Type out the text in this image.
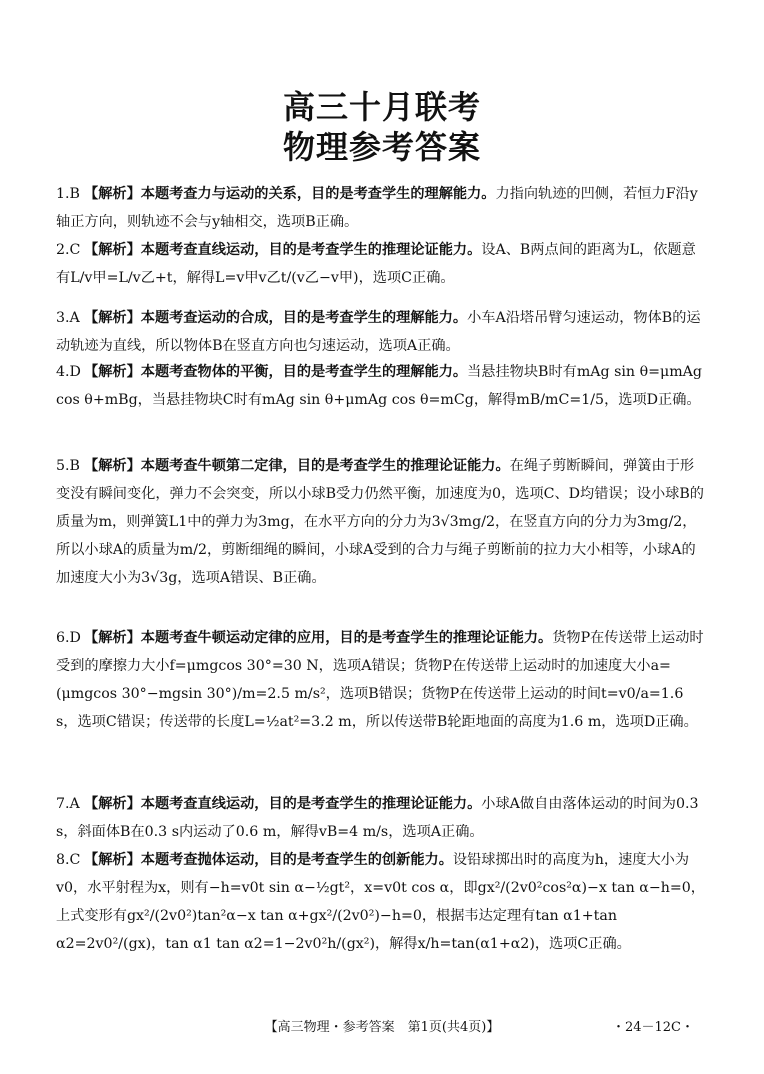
高三十月联考
物理参考答案
1.B 【解析】本题考查力与运动的关系，目的是考查学生的理解能力。力指向轨迹的凹侧，若恒力F沿y轴正方向，则轨迹不会与y轴相交，选项B正确。
2.C 【解析】本题考查直线运动，目的是考查学生的推理论证能力。设A、B两点间的距离为L，依题意有L/v甲=L/v乙+t，解得L=v甲v乙t/(v乙−v甲)，选项C正确。
3.A 【解析】本题考查运动的合成，目的是考查学生的理解能力。小车A沿塔吊臂匀速运动，物体B的运动轨迹为直线，所以物体B在竖直方向也匀速运动，选项A正确。
4.D 【解析】本题考查物体的平衡，目的是考查学生的理解能力。当悬挂物块B时有mAg sin θ=μmAg cos θ+mBg，当悬挂物块C时有mAg sin θ+μmAg cos θ=mCg，解得mB/mC=1/5，选项D正确。
5.B 【解析】本题考查牛顿第二定律，目的是考查学生的推理论证能力。在绳子剪断瞬间，弹簧由于形变没有瞬间变化，弹力不会突变，所以小球B受力仍然平衡，加速度为0，选项C、D均错误；设小球B的质量为m，则弹簧L1中的弹力为3mg，在水平方向的分力为3√3mg/2，在竖直方向的分力为3mg/2，所以小球A的质量为m/2，剪断细绳的瞬间，小球A受到的合力与绳子剪断前的拉力大小相等，小球A的加速度大小为3√3g，选项A错误、B正确。
6.D 【解析】本题考查牛顿运动定律的应用，目的是考查学生的推理论证能力。货物P在传送带上运动时受到的摩擦力大小f=μmgcos 30°=30 N，选项A错误；货物P在传送带上运动时的加速度大小a=(μmgcos 30°−mgsin 30°)/m=2.5 m/s²，选项B错误；货物P在传送带上运动的时间t=v0/a=1.6 s，选项C错误；传送带的长度L=½at²=3.2 m，所以传送带B轮距地面的高度为1.6 m，选项D正确。
7.A 【解析】本题考查直线运动，目的是考查学生的推理论证能力。小球A做自由落体运动的时间为0.3 s，斜面体B在0.3 s内运动了0.6 m，解得vB=4 m/s，选项A正确。
8.C 【解析】本题考查抛体运动，目的是考查学生的创新能力。设铅球掷出时的高度为h，速度大小为v0，水平射程为x，则有−h=v0t sin α−½gt²，x=v0t cos α，即gx²/(2v0²cos²α)−x tan α−h=0，上式变形有gx²/(2v0²)tan²α−x tan α+gx²/(2v0²)−h=0，根据韦达定理有tan α1+tan α2=2v0²/(gx)，tan α1 tan α2=1−2v0²h/(gx²)，解得x/h=tan(α1+α2)，选项C正确。
【高三物理・参考答案　第1页(共4页)】	・24－12C・
